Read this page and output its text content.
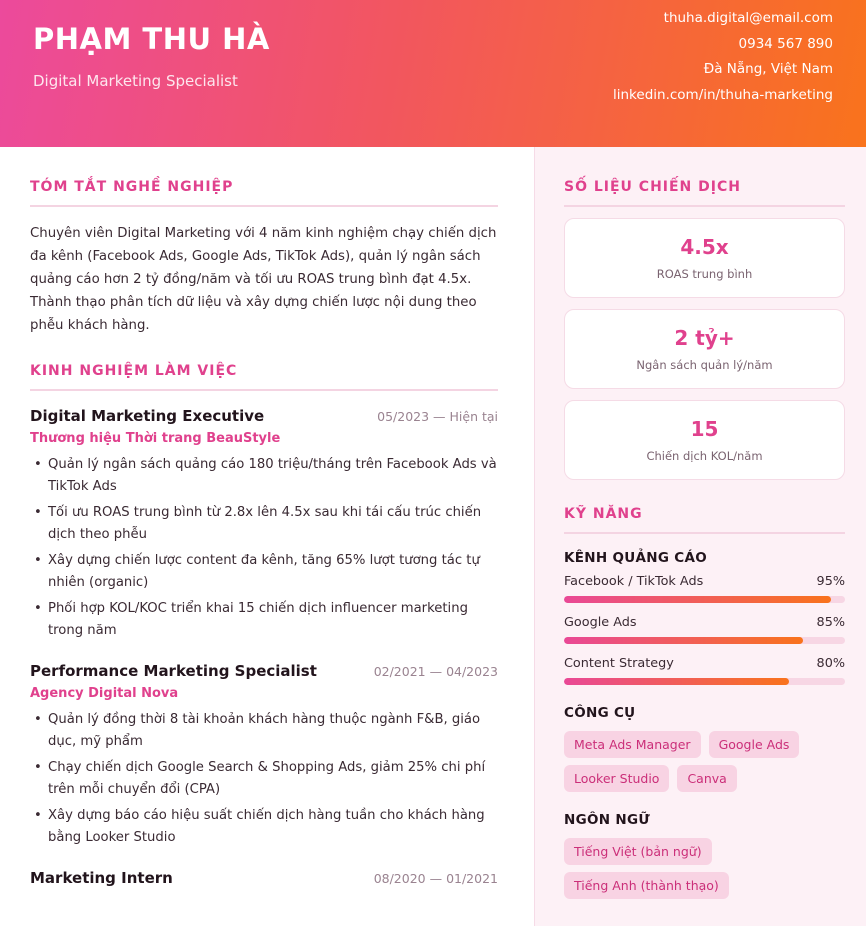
PHẠM THU HÀ
Digital Marketing Specialist
thuha.digital@email.com
0934 567 890
Đà Nẵng, Việt Nam
linkedin.com/in/thuha-marketing
TÓM TẮT NGHỀ NGHIỆP

Chuyên viên Digital Marketing với 4 năm kinh nghiệm chạy chiến dịch đa kênh (Facebook Ads, Google Ads, TikTok Ads), quản lý ngân sách quảng cáo hơn 2 tỷ đồng/năm và tối ưu ROAS trung bình đạt 4.5x. Thành thạo phân tích dữ liệu và xây dựng chiến lược nội dung theo phễu khách hàng.

KINH NGHIỆM LÀM VIỆC
Digital Marketing Executive	05/2023 — Hiện tại
Thương hiệu Thời trang BeauStyle
• Quản lý ngân sách quảng cáo 180 triệu/tháng trên Facebook Ads và TikTok Ads
• Tối ưu ROAS trung bình từ 2.8x lên 4.5x sau khi tái cấu trúc chiến dịch theo phễu
• Xây dựng chiến lược content đa kênh, tăng 65% lượt tương tác tự nhiên (organic)
• Phối hợp KOL/KOC triển khai 15 chiến dịch influencer marketing trong năm
Performance Marketing Specialist	02/2021 — 04/2023
Agency Digital Nova
• Quản lý đồng thời 8 tài khoản khách hàng thuộc ngành F&B, giáo dục, mỹ phẩm
• Chạy chiến dịch Google Search & Shopping Ads, giảm 25% chi phí trên mỗi chuyển đổi (CPA)
• Xây dựng báo cáo hiệu suất chiến dịch hàng tuần cho khách hàng bằng Looker Studio
Marketing Intern	08/2020 — 01/2021
SỐ LIỆU CHIẾN DỊCH
4.5x
ROAS trung bình
2 tỷ+
Ngân sách quản lý/năm
15
Chiến dịch KOL/năm
KỸ NĂNG
KÊNH QUẢNG CÁO
Facebook / TikTok Ads	95%
Google Ads	85%
Content Strategy	80%
CÔNG CỤ
Meta Ads Manager	Google Ads
Looker Studio	Canva
NGÔN NGỮ
Tiếng Việt (bản ngữ)
Tiếng Anh (thành thạo)
